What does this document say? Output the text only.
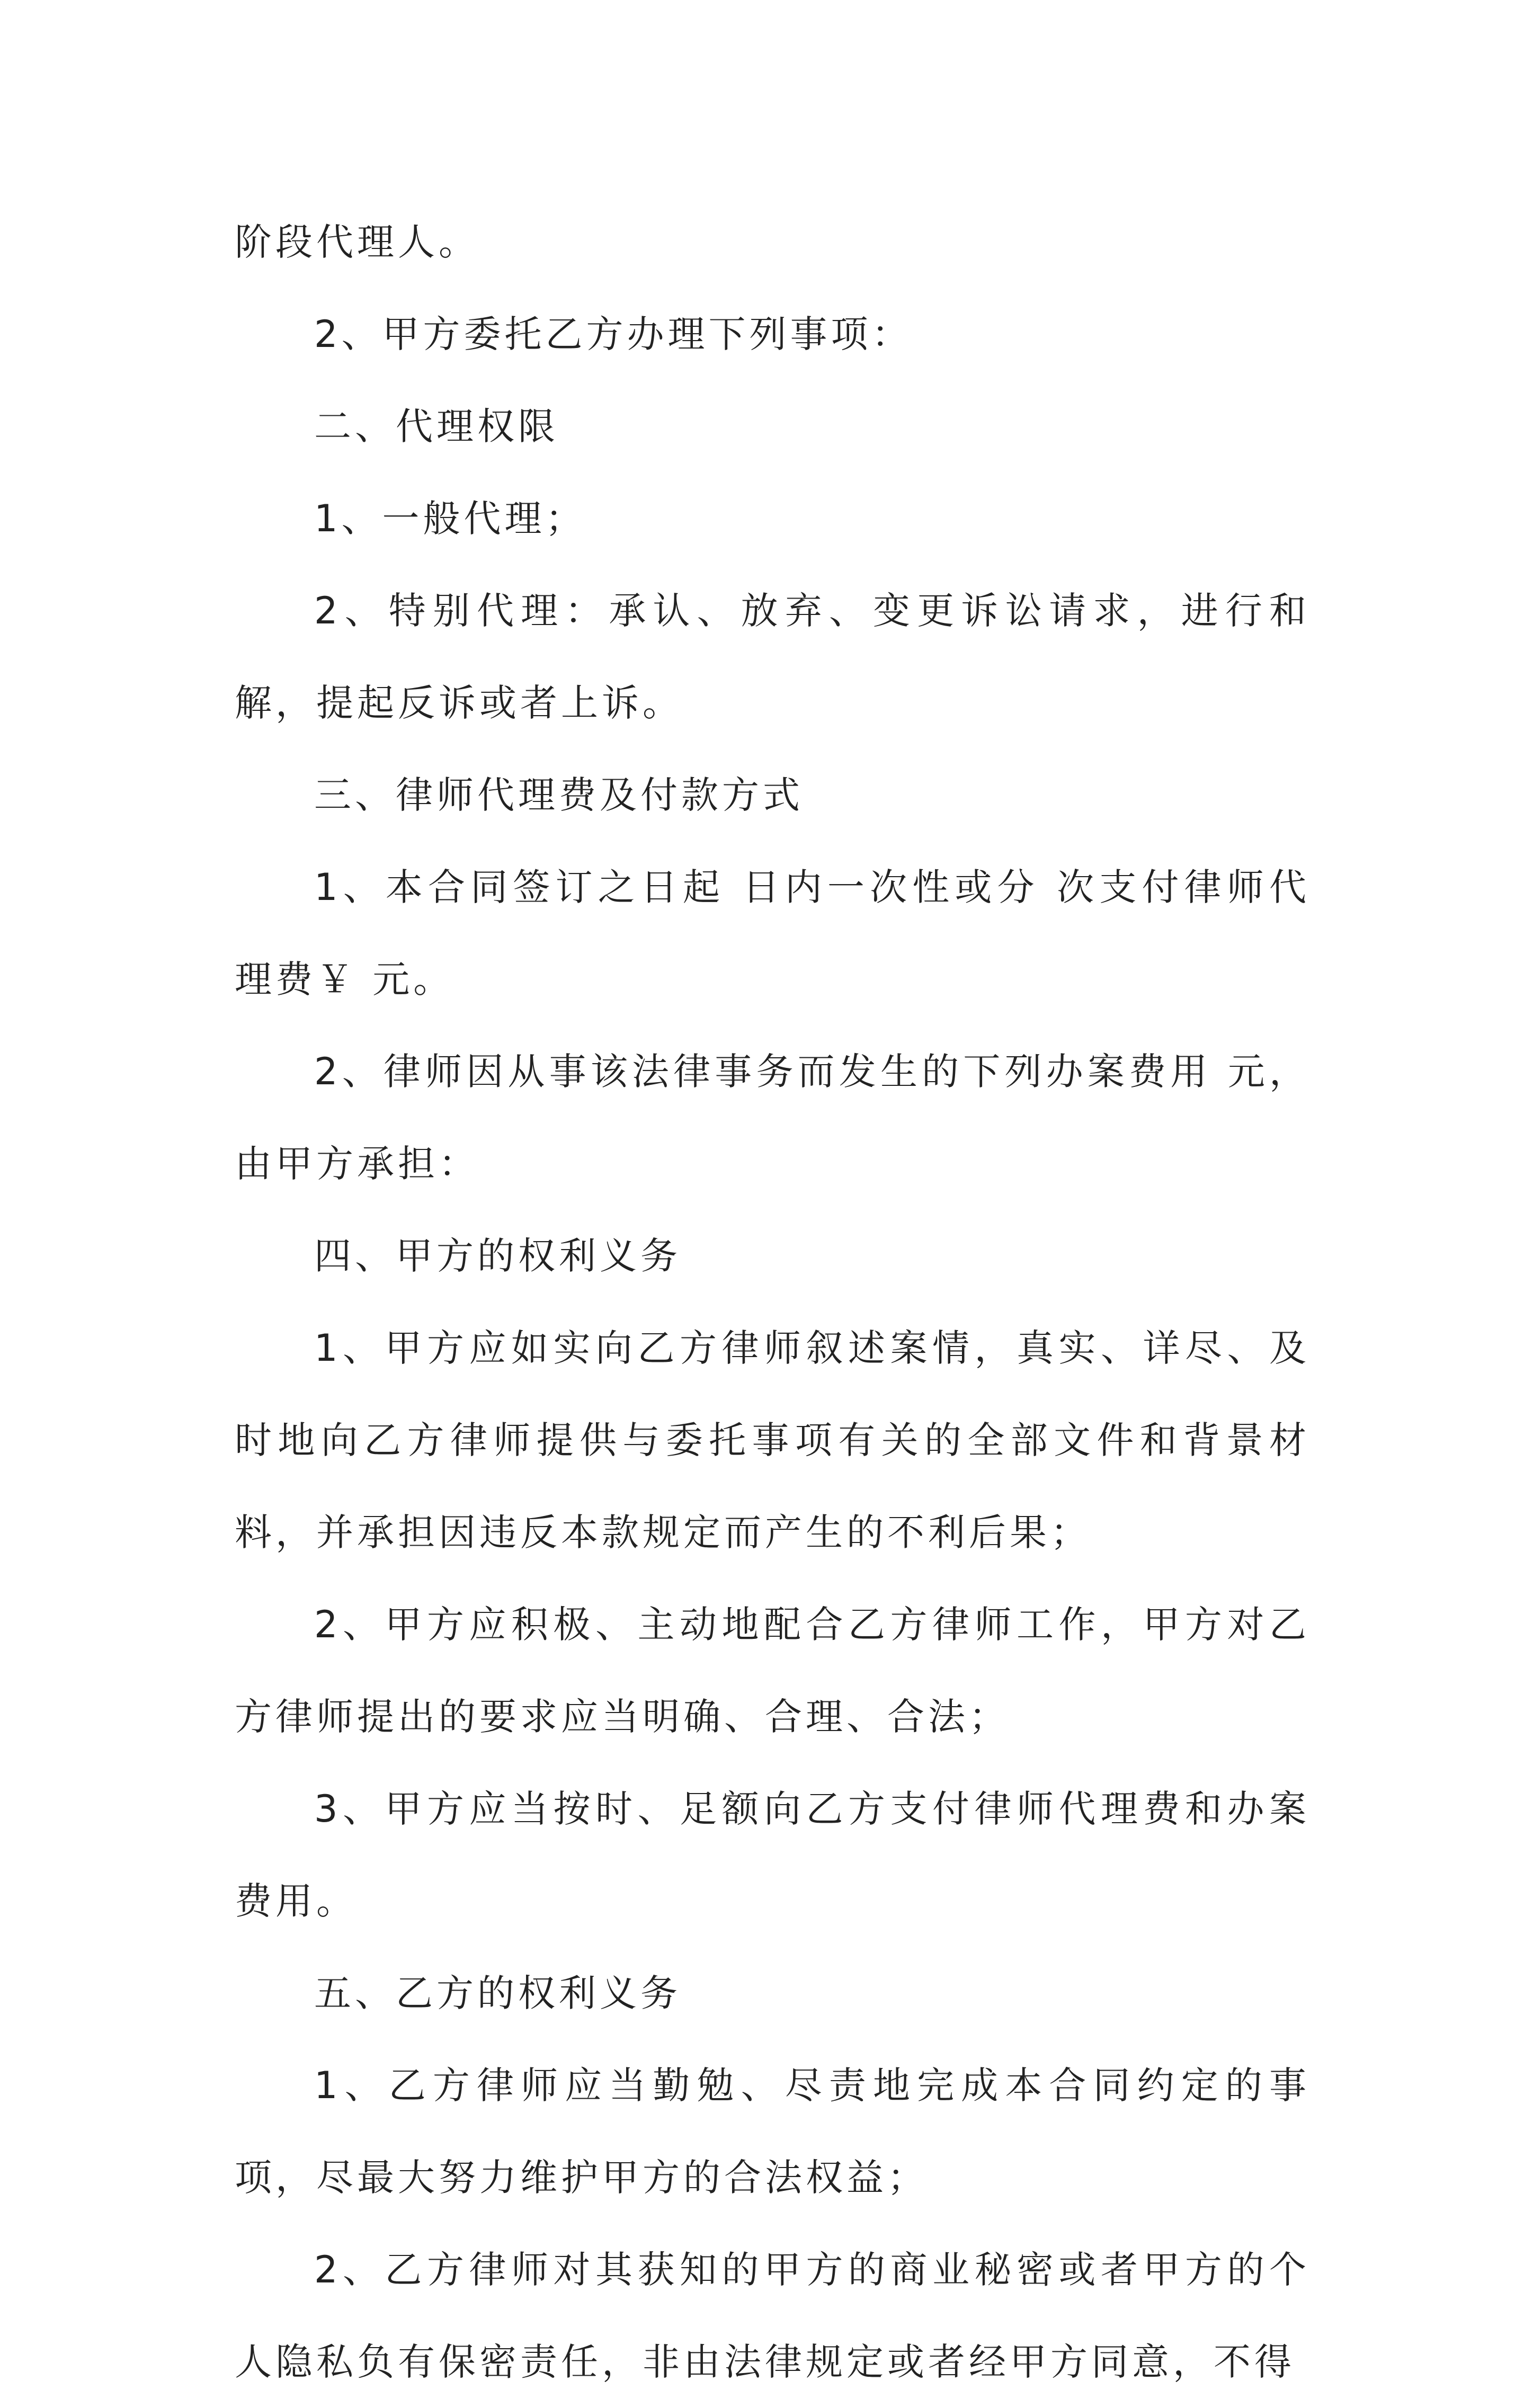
阶段代理人。

2、甲方委托乙方办理下列事项：

二、代理权限

1、一般代理；

2、特别代理：承认、放弃、变更诉讼请求，进行和解，提起反诉或者上诉。

三、律师代理费及付款方式

1、本合同签订之日起 日内一次性或分 次支付律师代理费￥ 元。

2、律师因从事该法律事务而发生的下列办案费用 元，由甲方承担：

四、甲方的权利义务

1、甲方应如实向乙方律师叙述案情，真实、详尽、及时地向乙方律师提供与委托事项有关的全部文件和背景材料，并承担因违反本款规定而产生的不利后果；

2、甲方应积极、主动地配合乙方律师工作，甲方对乙方律师提出的要求应当明确、合理、合法；

3、甲方应当按时、足额向乙方支付律师代理费和办案费用。

五、乙方的权利义务

1、乙方律师应当勤勉、尽责地完成本合同约定的事项，尽最大努力维护甲方的合法权益；

2、乙方律师对其获知的甲方的商业秘密或者甲方的个人隐私负有保密责任，非由法律规定或者经甲方同意，不得
